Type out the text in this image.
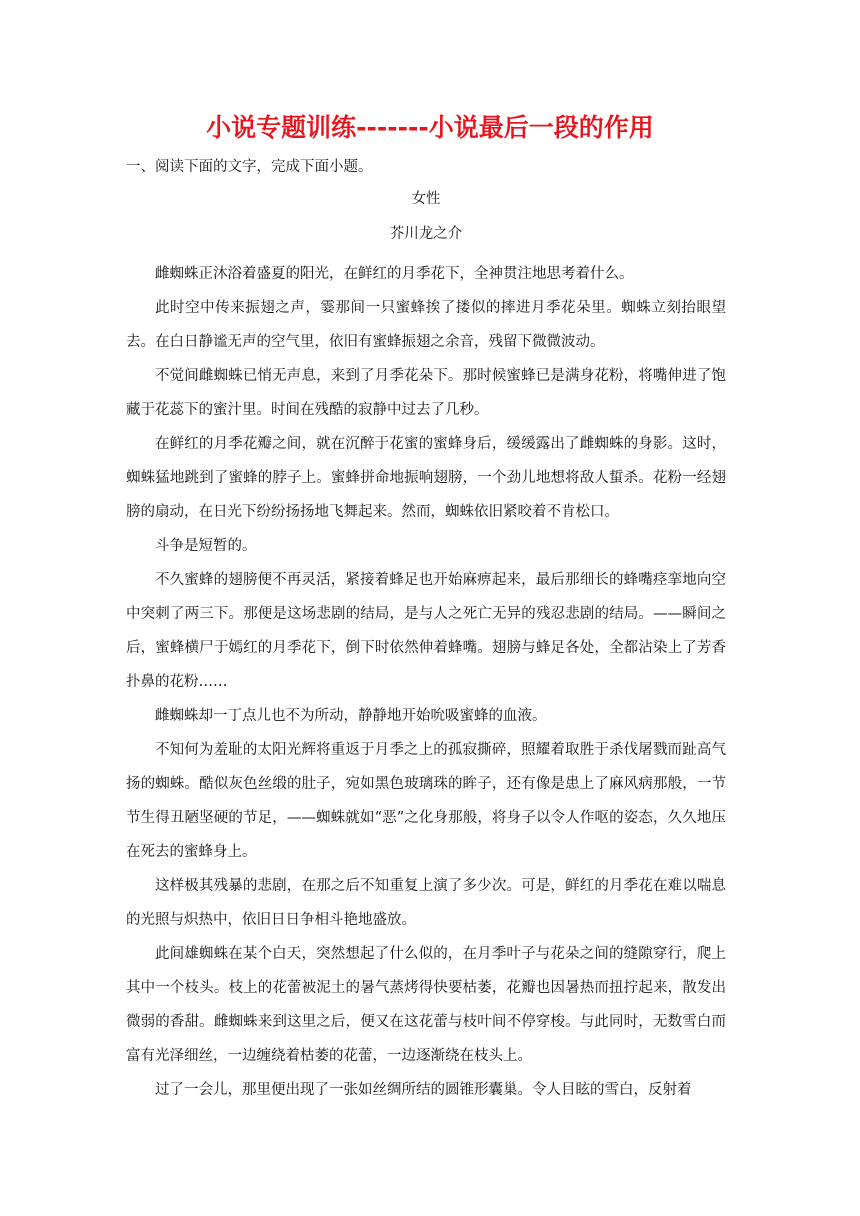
小说专题训练-------小说最后一段的作用
一、阅读下面的文字，完成下面小题。
女性
芥川龙之介

雌蜘蛛正沐浴着盛夏的阳光，在鲜红的月季花下，全神贯注地思考着什么。

此时空中传来振翅之声，霎那间一只蜜蜂挨了搂似的摔进月季花朵里。蜘蛛立刻抬眼望去。在白日静谧无声的空气里，依旧有蜜蜂振翅之余音，残留下微微波动。

不觉间雌蜘蛛已悄无声息，来到了月季花朵下。那时候蜜蜂已是满身花粉，将嘴伸进了饱藏于花蕊下的蜜汁里。时间在残酷的寂静中过去了几秒。

在鲜红的月季花瓣之间，就在沉醉于花蜜的蜜蜂身后，缓缓露出了雌蜘蛛的身影。这时，蜘蛛猛地跳到了蜜蜂的脖子上。蜜蜂拼命地振响翅膀，一个劲儿地想将敌人蜇杀。花粉一经翅膀的扇动，在日光下纷纷扬扬地飞舞起来。然而，蜘蛛依旧紧咬着不肯松口。

斗争是短暂的。

不久蜜蜂的翅膀便不再灵活，紧接着蜂足也开始麻痹起来，最后那细长的蜂嘴痉挛地向空中突刺了两三下。那便是这场悲剧的结局，是与人之死亡无异的残忍悲剧的结局。——瞬间之后，蜜蜂横尸于嫣红的月季花下，倒下时依然伸着蜂嘴。翅膀与蜂足各处，全都沾染上了芳香扑鼻的花粉……

雌蜘蛛却一丁点儿也不为所动，静静地开始吮吸蜜蜂的血液。

不知何为羞耻的太阳光辉将重返于月季之上的孤寂撕碎，照耀着取胜于杀伐屠戮而趾高气扬的蜘蛛。酷似灰色丝缎的肚子，宛如黑色玻璃珠的眸子，还有像是患上了麻风病那般，一节节生得丑陋坚硬的节足，——蜘蛛就如“恶”之化身那般，将身子以令人作呕的姿态，久久地压在死去的蜜蜂身上。

这样极其残暴的悲剧，在那之后不知重复上演了多少次。可是，鲜红的月季花在难以喘息的光照与炽热中，依旧日日争相斗艳地盛放。

此间雄蜘蛛在某个白天，突然想起了什么似的，在月季叶子与花朵之间的缝隙穿行，爬上其中一个枝头。枝上的花蕾被泥土的暑气蒸烤得快要枯萎，花瓣也因暑热而扭拧起来，散发出微弱的香甜。雌蜘蛛来到这里之后，便又在这花蕾与枝叶间不停穿梭。与此同时，无数雪白而富有光泽细丝，一边缠绕着枯萎的花蕾，一边逐渐绕在枝头上。

过了一会儿，那里便出现了一张如丝绸所结的圆锥形囊巢。令人目眩的雪白，反射着
